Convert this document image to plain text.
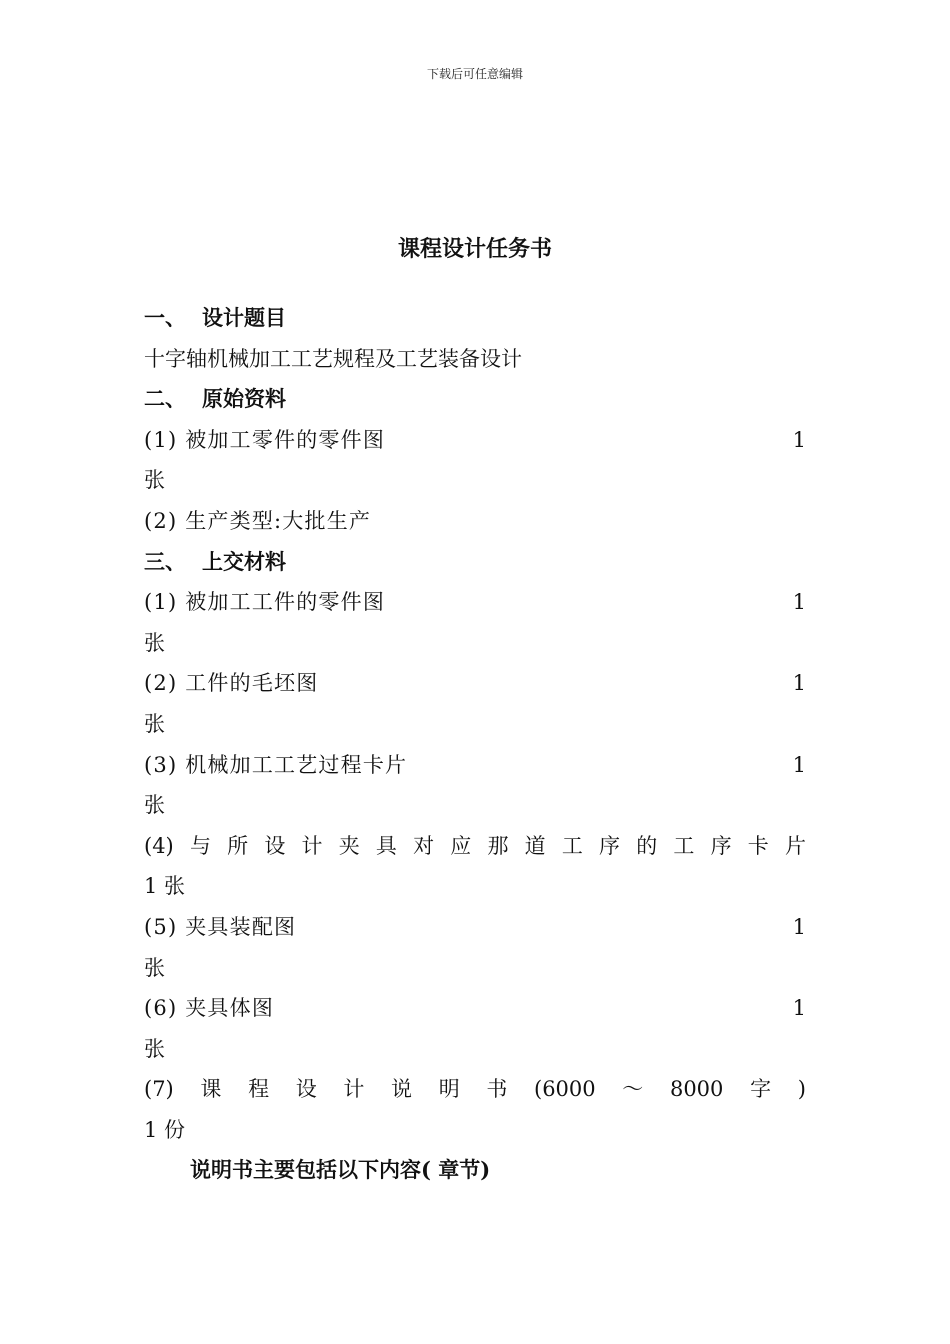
下载后可任意编辑
课程设计任务书
一、 设计题目
十字轴机械加工工艺规程及工艺装备设计
二、 原始资料
(1) 被加工零件的零件图	1
张
(2) 生产类型:大批生产
三、 上交材料
(1) 被加工工件的零件图	1
张
(2) 工件的毛坯图	1
张
(3) 机械加工工艺过程卡片	1
张
(4) 与 所 设 计 夹 具 对 应 那 道 工 序 的 工 序 卡 片
1 张
(5) 夹具装配图	1
张
(6) 夹具体图	1
张
(7) 课 程 设 计 说 明 书 (6000 ～ 8000 字 )
1 份
说明书主要包括以下内容( 章节)
